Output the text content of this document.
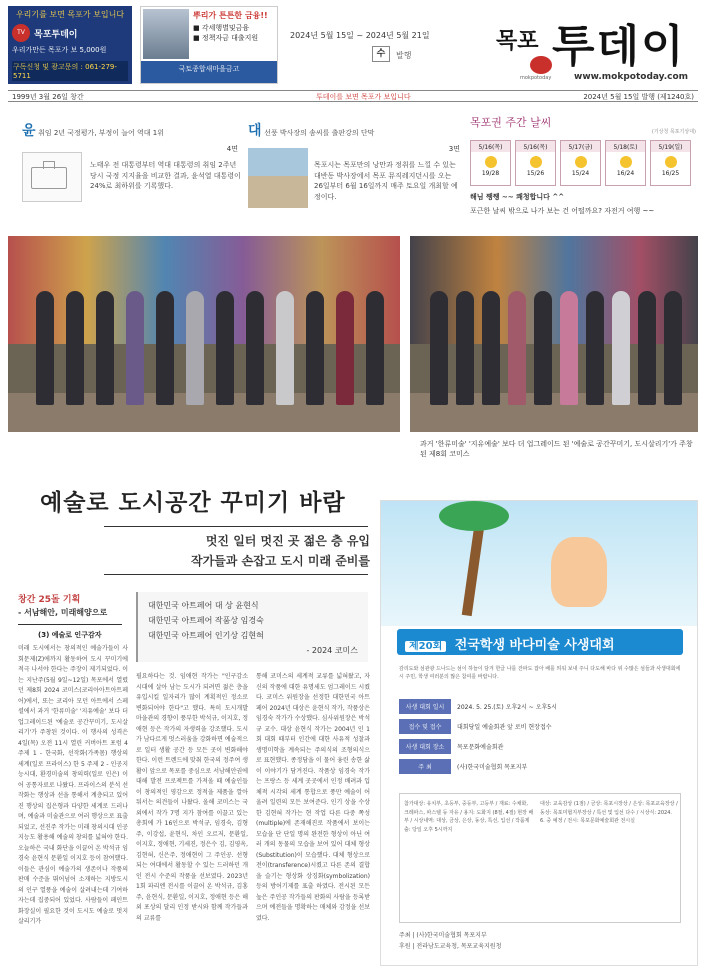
우리기를 보면 목포가 보입니다
TV	목포투데이
우리가만든 목포가 보 5,000원
구독신청 및 광고문의 : 061-279-5711
뿌리가 튼튼한 금융!!
■ 각세행별및금융
■ 정책자금 대출지원
국토종합새마을금고
2024년 5월 15일 ~ 2024년 5월 21일
수	발행
목포 투데이
mokpotoday	www.mokpotoday.com
1999년 3월 26일 창간	투데이를 보면 목포가 보입니다	2024년 5월 15일 발행 (제1240호)
윤 취임 2년 국정평가, 부정이 늘어 역대 1위
4면
노태우 전 대통령부터 역대 대통령의 취임 2주년 당시 국정 지지율을 비교한 결과, 윤석열 대통령이 24%로 최하위를 기록했다.
대 선풍 박사장의 솜씨를 출판강의 단막
3면
목포시는 목포만의 낭만과 정취를 느낄 수 있는 대반동 박사장에서 목포 뮤직레지던시를 오는 26일부터 6월 16일까지 매주 토요일 개최할 예정이다.
목포권 주간 날씨
(기상청 목포기상대)
5/16(목)
19/28
5/16(목)
15/26
5/17(금)
15/24
5/18(토)
16/24
5/19(일)
16/25
해님 쨍쨍 ~~ 쾌청합니다 ^^
포근한 날씨 밖으로 나가 보는 건 어떨까요? 자전거 여행 ~~
과거 '한류미술' '지유예술' 보다 더 업그레이드 된 '예술로 공간꾸미기, 도시살리기'가 주창된 제8회 코미스
예술로 도시공간 꾸미기 바람
멋진 일터 멋진 곳 젊은 층 유입
작가들과 손잡고 도시 미래 준비를
창간 25돌 기획
- 서남해안, 미래해양으로
(3) 예술로 인구감자
대한민국 아트페어 대 상 윤현식
대한민국 아트페어 작품상 임경숙
대한민국 아트페어 인기상 김현혀
- 2024 코미스
미래 도시에서는 창의적인 예술가들이 사회문제(Z)에까지 활동하여 도시 꾸미기에 적극 나서야 한다는 주장이 제기되었다. 이는 지난주(5월 9일~12일) 목포에서 열렸던 제8회 2024 코미스(코리아아트아트페어)에서, 또는 코리아 모던 아트에서 스페셜에서 과거 '한류미술' '지유예술' 보다 더 업그레이드된 '예술로 공간꾸미기, 도시살리기'가 주창된 것이다. 이 행사의 성격은 4일(목) 오전 11시 열린 커버아트 포럼 4주제 1 - 한국화, 선작화(가족몸) 행상의 세계(일로 프라이스) 한 5 주제 2 - 인공지능시대, 환경미술의 창의력(일로 인은) 이어 공통자료로 나왔다. 프라이스의 분석 선작화는 행상과 선을 통해서 계층되고 있어진 행상의 집은형과 다양한 세계로 드러나며, 예술과 미술관으로 여러 행상으로 표출되었고, 선진주 작가는 미래 창의시대 인공지능도 활용해 예술의 창의를 넓혀야 한다. 오늘하은 국내 화단을 이끌어 온 박석규 임경숙 윤현식 문환일 이지호 등이 참여했다. 이들은 관심이 예술가의 생존이나 작품의 판매 수준을 뛰어넘어 소재하는 지방도시의 인구 열풍을 예술이 살려내는데 기여하자는데 집중되어 있었다. 사람들이 페인트 화장실이 필요한 것이 도시도 예술로 멋지 살리기가
필요하다는 것. 임애현 작가는 "인구감소 시대에 살아 남는 도시가 되려면 젊은 층을 유입시킬 일자리가 많이 계획적인 정소로 변화되어야 한다"고 했다. 특히 도시개발 마을관의 경향이 풍부한 박석규, 이지호, 정애현 등은 작가의 자생력을 강조했다. 도시가 남다르게 멋스러움을 강화하면 예술적으로 일터 생활 공간 등 모든 곳이 변화해야 한다. 이런 트렌드에 맞춰 한국의 정주여 생활이 앞으로 목포를 중심으로 서남해안권에 대해 발전 프로젝트를 가져올 때 예술인들이 창의적인 영감으로 정적을 제품을 깔아둬서는 의견들이 나왔다. 올해 코미스는 국외에서 작가 7명 지가 참여를 이끌고 있는 총회에 가 16인으로 박석규, 임경숙, 김형주, 이강섭, 윤현식, 차인 오르저, 문환일, 이지호, 정애현, 기세진, 정은수 김, 김영옥, 김현혀, 신은주, 정애현이 그 주인공. 선형되는 여대에서 활동할 수 있는 드러하던 개인 전시 수준의 작품을 선보였다. 2023년 1회 파리엔 전시를 이끌어 온 박석규, 김홍주, 윤현식, 문환일, 이지호, 정애현 등은 해외 포상의 달리 인정 받시와 함께 작가들과의 교류를
통해 코미스의 세계적 교류를 넓혀왔고, 자신의 작품에 대한 유명세도 엄그레이드 시켰다. 코미스 위원장을 선정한 대한민국 아트페어 2024년 대상은 윤현식 작가, 작품상은 임경숙 작가가 수상했다. 심사위원장은 박석규 교수. 대상 윤현식 작가는 2004년 인 1회 대회 때부터 인간에 대한 사유적 성찰과 생명미학을 계속되는 주의식의 조형의식으로 표현했다. 종정담을 이 물어 융린 송한 삶이 이야기가 담겨진다. 작품상 임경숙 작가는 프랑스 등 세계 곳곳에서 인정 배려과 입체적 시각의 세계 통합으로 풍만 예술이 어울려 일련의 모든 보여준다. 인기 상을 수상한 김현혀 작가는 현 작업 다른 다중 쪽성(multiple)에 존재해진로 작품에서 보이는 모습을 단 단일 명의 완전한 형상이 아닌 여러 개의 동물의 모습을 보여 있어 대체 형상(Substitution)이 모습했다. 대체 형상으로 전이(transference)시켰고 다른 존의 결합을 슬기는 형상화 상징화(symbolization) 등의 방어기제를 표출 하였다. 전시된 모든 높은 주인공 작가들의 판화의 사람을 등록받으며 예전들을 명확하는 매체와 감정을 선보였다.
제20회 전국학생 바다미술 사생대회
감리도와 섬관광 드나드는 섬이 하늘이 담겨 한글 나를 잔파도 잡아 배를 띄워 보내 주니 다도해 바다 위 수많은 섬들과 사생대회에 시 주민, 학생 여러분의 많은 참여를 바랍니다.
사생 대회 일시	2024. 5. 25.(토) 오후2시 ~ 오후5시
접수 및 접수	대회당일 예술회관 앞 로비 현장접수
사생 대회 장소	목포문화예술회관
주 최	(사)한국미술협회 목포지부
참가대상: 유치부, 초등부, 중등부, 고등부 / 재료: 수채화, 크레파스, 파스텔 등 자유 / 용지: 도화지 (8절, 4절) 현장 배부 / 시상내역: 대상, 금상, 은상, 동상, 특선, 입선 / 작품제출: 당일 오후 5시까지
대상: 교육감상 (1점) / 금상: 목포시장상 / 은상: 목포교육장상 / 동상: 목포미협지부장상 / 특선 및 입선 다수 / 시상식: 2024. 6. 중 예정 / 전시: 목포문화예술회관 전시실
주최 | (사)한국미술협회 목포지부
후원 | 전라남도교육청, 목포교육지원청
